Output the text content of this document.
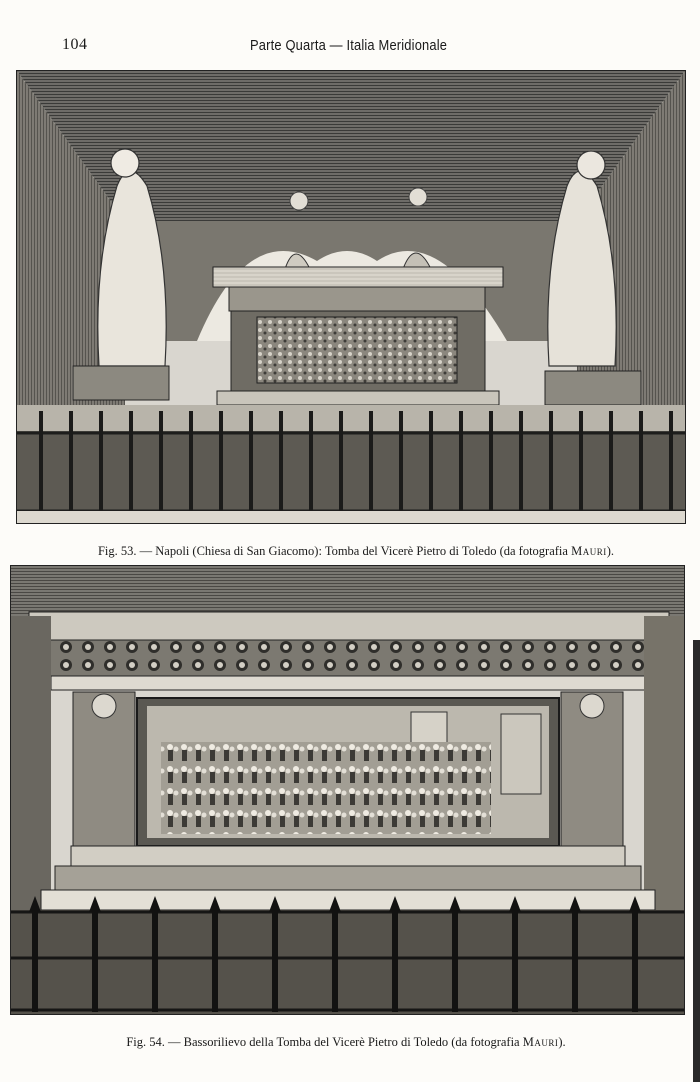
104	Parte Quarta — Italia Meridionale

Fig. 53. — Napoli (Chiesa di San Giacomo): Tomba del Vicerè Pietro di Toledo (da fotografia Mauri).

Fig. 54. — Bassorilievo della Tomba del Vicerè Pietro di Toledo (da fotografia Mauri).
